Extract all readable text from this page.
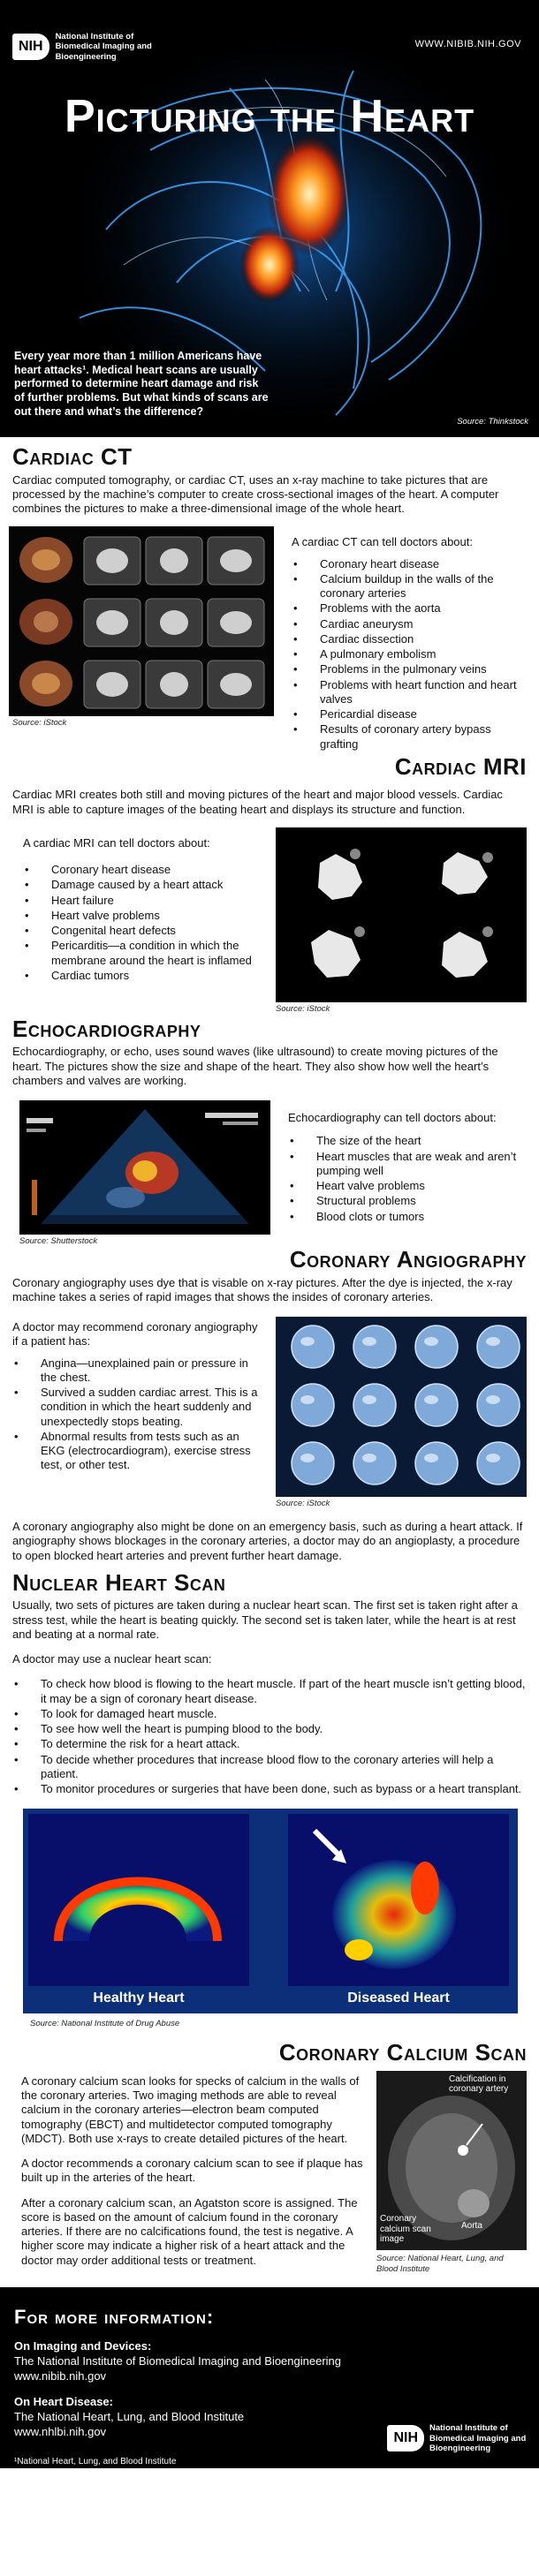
NIH
National Institute of Biomedical Imaging and Bioengineering
WWW.NIBIB.NIH.GOV
Picturing the Heart

Every year more than 1 million Americans have heart attacks¹. Medical heart scans are usually performed to determine heart damage and risk of further problems. But what kinds of scans are out there and what’s the difference?

Source: Thinkstock
Cardiac CT

Cardiac computed tomography, or cardiac CT, uses an x-ray machine to take pictures that are processed by the machine’s computer to create cross-sectional images of the heart. A computer combines the pictures to make a three-dimensional image of the whole heart.

Source: iStock

A cardiac CT can tell doctors about:

• Coronary heart disease
• Calcium buildup in the walls of the coronary arteries
• Problems with the aorta
• Cardiac aneurysm
• Cardiac dissection
• A pulmonary embolism
• Problems in the pulmonary veins
• Problems with heart function and heart valves
• Pericardial disease
• Results of coronary artery bypass grafting
Cardiac MRI

Cardiac MRI creates both still and moving pictures of the heart and major blood vessels. Cardiac MRI is able to capture images of the beating heart and displays its structure and function.

A cardiac MRI can tell doctors about:

• Coronary heart disease
• Damage caused by a heart attack
• Heart failure
• Heart valve problems
• Congenital heart defects
• Pericarditis—a condition in which the membrane around the heart is inflamed
• Cardiac tumors
Source: iStock
Echocardiography

Echocardiography, or echo, uses sound waves (like ultrasound) to create moving pictures of the heart. The pictures show the size and shape of the heart. They also show how well the heart’s chambers and valves are working.

Source: Shutterstock

Echocardiography can tell doctors about:

• The size of the heart
• Heart muscles that are weak and aren’t pumping well
• Heart valve problems
• Structural problems
• Blood clots or tumors
Coronary Angiography

Coronary angiography uses dye that is visable on x-ray pictures. After the dye is injected, the x-ray machine takes a series of rapid images that shows the insides of coronary arteries.

A doctor may recommend coronary angiography if a patient has:

• Angina—unexplained pain or pressure in the chest.
• Survived a sudden cardiac arrest. This is a condition in which the heart suddenly and unexpectedly stops beating.
• Abnormal results from tests such as an EKG (electrocardiogram), exercise stress test, or other test.
Source: iStock

A coronary angiography also might be done on an emergency basis, such as during a heart attack. If angiography shows blockages in the coronary arteries, a doctor may do an angioplasty, a procedure to open blocked heart arteries and prevent further heart damage.

Nuclear Heart Scan

Usually, two sets of pictures are taken during a nuclear heart scan. The first set is taken right after a stress test, while the heart is beating quickly. The second set is taken later, while the heart is at rest and beating at a normal rate.

A doctor may use a nuclear heart scan:

• To check how blood is flowing to the heart muscle. If part of the heart muscle isn’t getting blood, it may be a sign of coronary heart disease.
• To look for damaged heart muscle.
• To see how well the heart is pumping blood to the body.
• To determine the risk for a heart attack.
• To decide whether procedures that increase blood flow to the coronary arteries will help a patient.
• To monitor procedures or surgeries that have been done, such as bypass or a heart transplant.
Healthy Heart	Diseased Heart
Source: National Institute of Drug Abuse
Coronary Calcium Scan

A coronary calcium scan looks for specks of calcium in the walls of the coronary arteries. Two imaging methods are able to reveal calcium in the coronary arteries—electron beam computed tomography (EBCT) and multidetector computed tomography (MDCT). Both use x-rays to create detailed pictures of the heart.

A doctor recommends a coronary calcium scan to see if plaque has built up in the arteries of the heart.

After a coronary calcium scan, an Agatston score is assigned. The score is based on the amount of calcium found in the coronary arteries. If there are no calcifications found, the test is negative. A higher score may indicate a higher risk of a heart attack and the doctor may order additional tests or treatment.

Calcification in coronary artery
Coronary calcium scan image
Aorta
Source: National Heart, Lung, and Blood Institute
For more information:
On Imaging and Devices:
The National Institute of Biomedical Imaging and Bioengineering
www.nibib.nih.gov
On Heart Disease:
The National Heart, Lung, and Blood Institute
www.nhlbi.nih.gov
¹National Heart, Lung, and Blood Institute
NIH
National Institute of Biomedical Imaging and Bioengineering
